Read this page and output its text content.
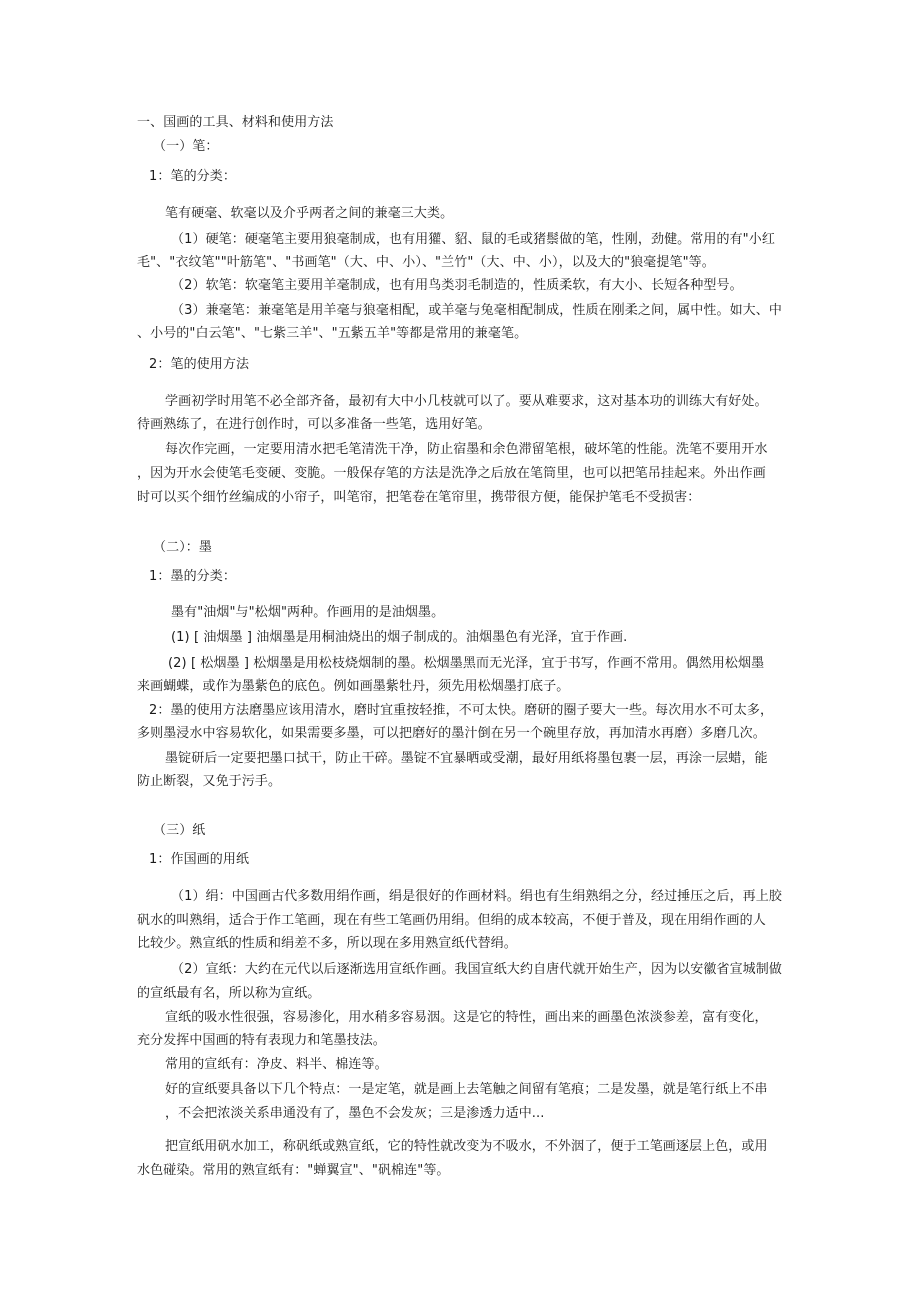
一、国画的工具、材料和使用方法
（一）笔：
1：笔的分类：
笔有硬毫、软毫以及介乎两者之间的兼毫三大类。
（1）硬笔：硬毫笔主要用狼毫制成，也有用獾、貂、鼠的毛或猪鬃做的笔，性刚，劲健。常用的有"小红
毛"、"衣纹笔""叶筋笔"、"书画笔"（大、中、小）、"兰竹"（大、中、小），以及大的"狼毫提笔"等。
（2）软笔：软毫笔主要用羊毫制成，也有用鸟类羽毛制造的，性质柔软，有大小、长短各种型号。
（3）兼毫笔：兼毫笔是用羊毫与狼毫相配，或羊毫与兔毫相配制成，性质在刚柔之间，属中性。如大、中
、小号的"白云笔"、"七紫三羊"、"五紫五羊"等都是常用的兼毫笔。
2：笔的使用方法
学画初学时用笔不必全部齐备，最初有大中小几枝就可以了。要从难要求，这对基本功的训练大有好处。
待画熟练了，在进行创作时，可以多准备一些笔，选用好笔。
每次作完画，一定要用清水把毛笔清洗干净，防止宿墨和余色滞留笔根，破坏笔的性能。洗笔不要用开水
，因为开水会使笔毛变硬、变脆。一般保存笔的方法是洗净之后放在笔筒里，也可以把笔吊挂起来。外出作画
时可以买个细竹丝编成的小帘子，叫笔帘，把笔卷在笔帘里，携带很方便，能保护笔毛不受损害：
（二）：墨
1：墨的分类：
墨有"油烟"与"松烟"两种。作画用的是油烟墨。
(1) [ 油烟墨 ] 油烟墨是用桐油烧出的烟子制成的。油烟墨色有光泽，宜于作画.
(2) [ 松烟墨 ] 松烟墨是用松枝烧烟制的墨。松烟墨黑而无光泽，宜于书写，作画不常用。偶然用松烟墨
来画蝴蝶，或作为墨紫色的底色。例如画墨紫牡丹，须先用松烟墨打底子。
2：墨的使用方法磨墨应该用清水，磨时宜重按轻推，不可太快。磨研的圈子要大一些。每次用水不可太多，
多则墨浸水中容易软化，如果需要多墨，可以把磨好的墨汁倒在另一个碗里存放，再加清水再磨）多磨几次。
墨锭研后一定要把墨口拭干，防止干碎。墨锭不宜暴晒或受潮，最好用纸将墨包裹一层，再涂一层蜡，能
防止断裂，又免于污手。
（三）纸
1：作国画的用纸
（1）绢：中国画古代多数用绢作画，绢是很好的作画材料。绢也有生绢熟绢之分，经过捶压之后，再上胶
矾水的叫熟绢，适合于作工笔画，现在有些工笔画仍用绢。但绢的成本较高，不便于普及，现在用绢作画的人
比较少。熟宣纸的性质和绢差不多，所以现在多用熟宣纸代替绢。
（2）宣纸：大约在元代以后逐渐选用宣纸作画。我国宣纸大约自唐代就开始生产，因为以安徽省宣城制做
的宣纸最有名，所以称为宣纸。
宣纸的吸水性很强，容易渗化，用水稍多容易洇。这是它的特性，画出来的画墨色浓淡参差，富有变化，
充分发挥中国画的特有表现力和笔墨技法。
常用的宣纸有：净皮、料半、棉连等。
好的宣纸要具备以下几个特点：一是定笔，就是画上去笔触之间留有笔痕；二是发墨，就是笔行纸上不串
，不会把浓淡关系串通没有了，墨色不会发灰；三是渗透力适中...
把宣纸用矾水加工，称矾纸或熟宣纸，它的特性就改变为不吸水，不外洇了，便于工笔画逐层上色，或用
水色碰染。常用的熟宣纸有："蝉翼宣"、"矾棉连"等。
